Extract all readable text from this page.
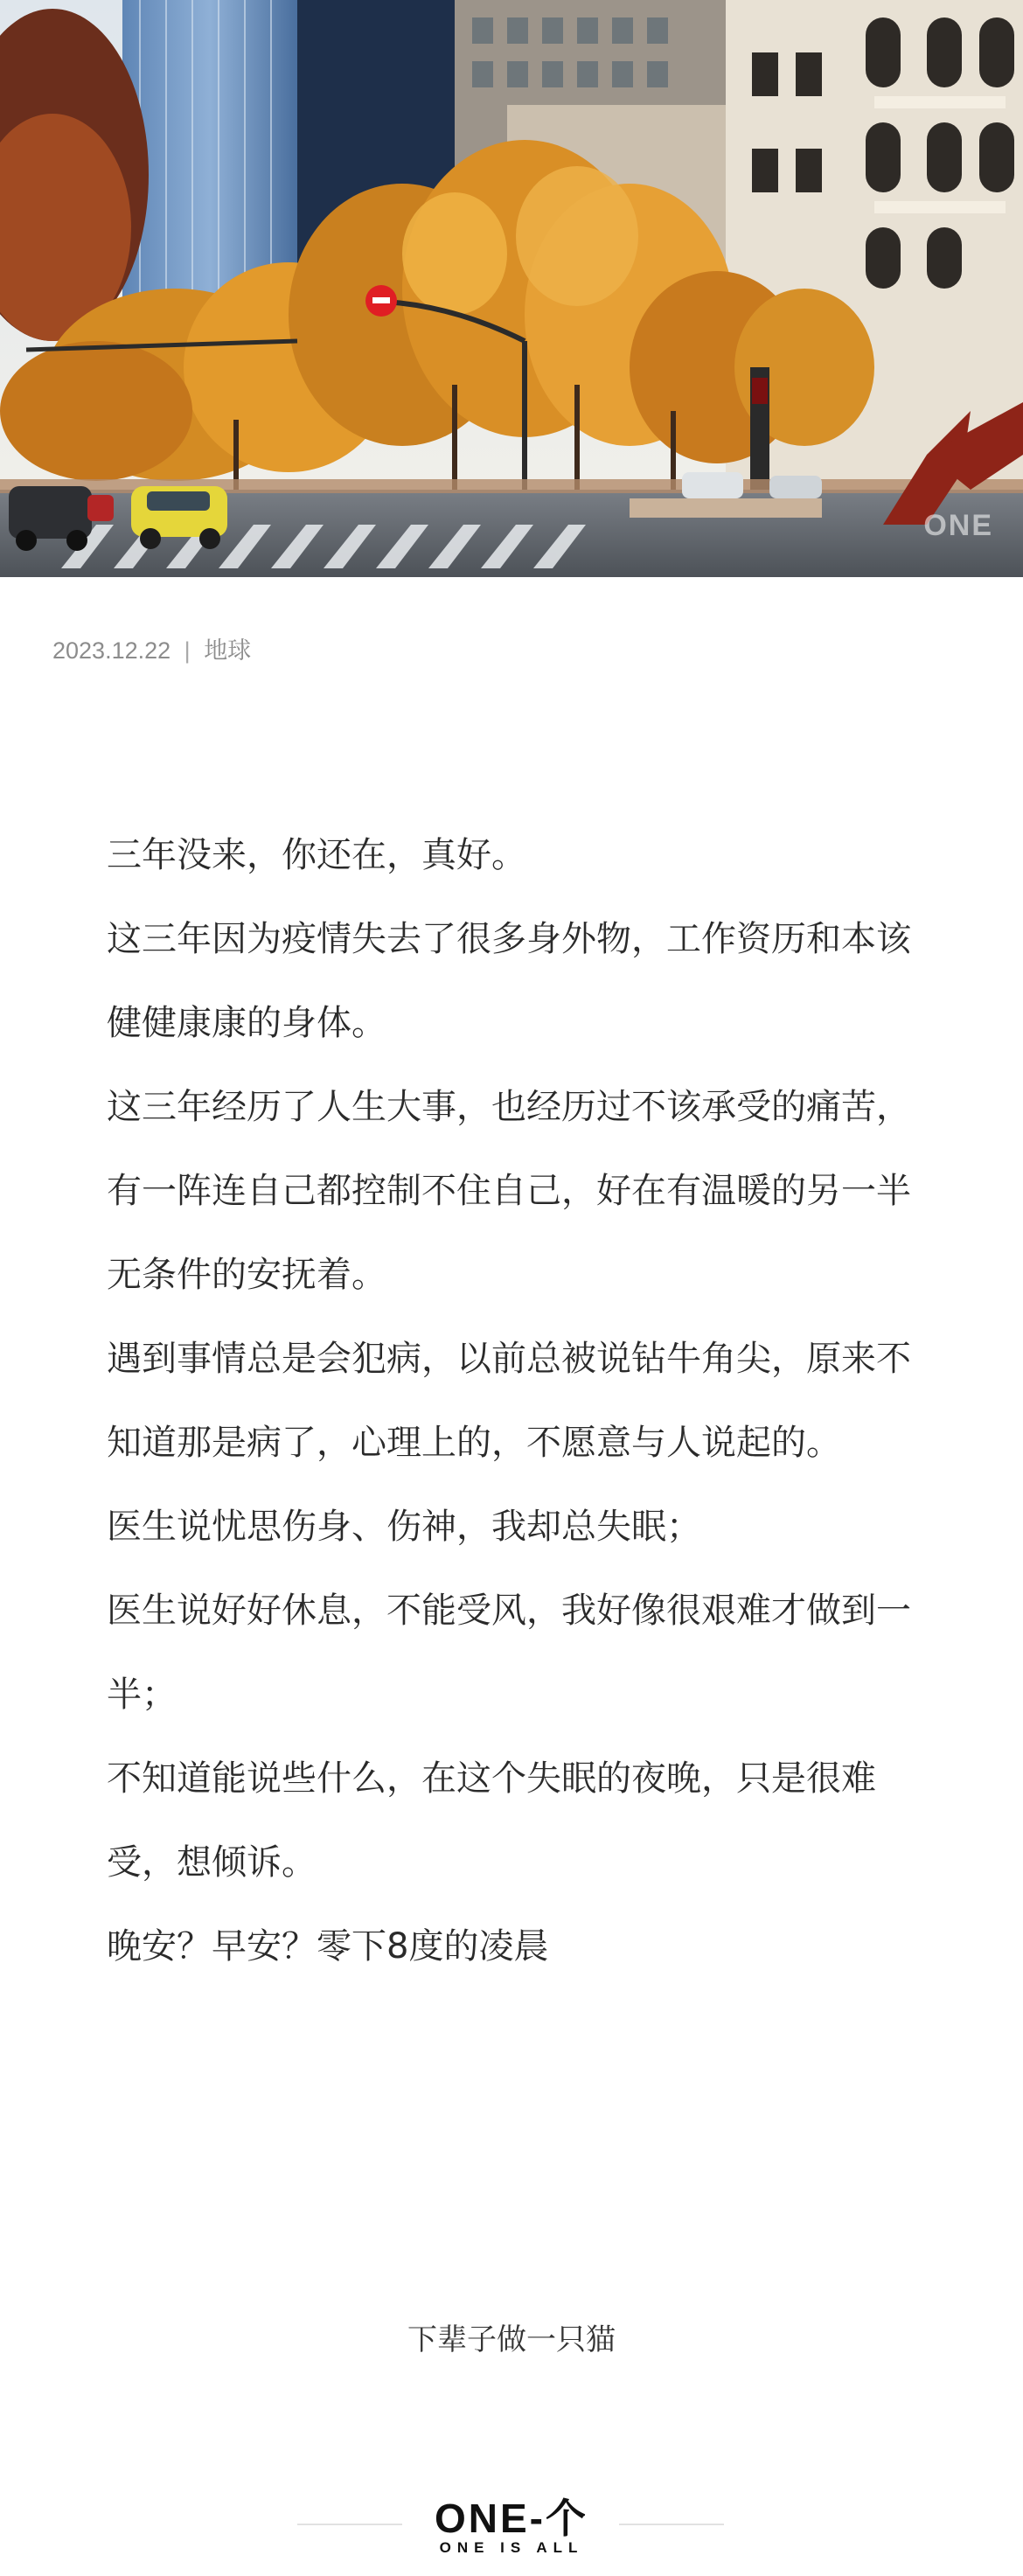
ONE
2023.12.22 | 地球

三年没来，你还在，真好。

这三年因为疫情失去了很多身外物，工作资历和本该健健康康的身体。

这三年经历了人生大事，也经历过不该承受的痛苦，有一阵连自己都控制不住自己，好在有温暖的另一半无条件的安抚着。

遇到事情总是会犯病，以前总被说钻牛角尖，原来不知道那是病了，心理上的，不愿意与人说起的。

医生说忧思伤身、伤神，我却总失眠；

医生说好好休息，不能受风，我好像很艰难才做到一半；

不知道能说些什么，在这个失眠的夜晚，只是很难受，想倾诉。

晚安？早安？零下8度的凌晨

下辈子做一只猫
ONE-个
ONE IS ALL
